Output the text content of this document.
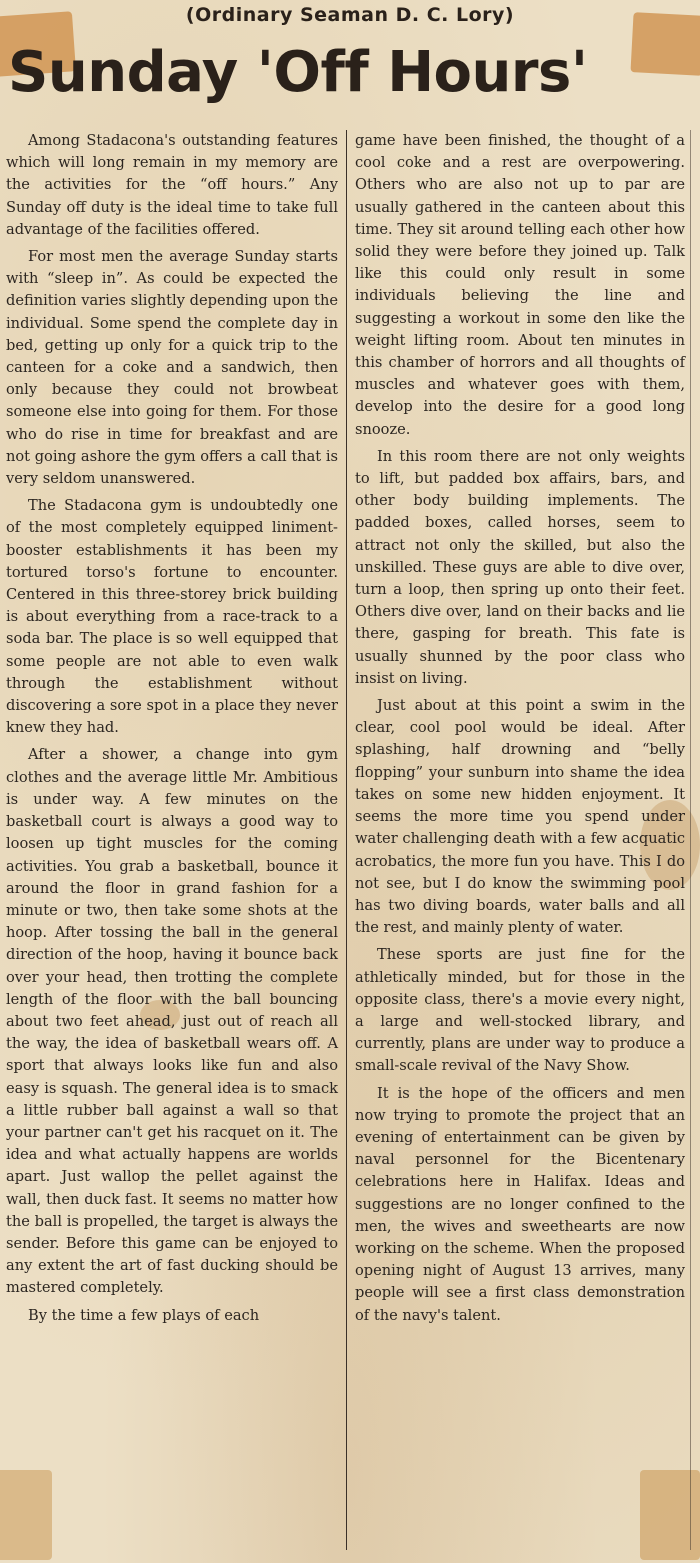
(Ordinary Seaman D. C. Lory)
Sunday 'Off Hours'

Among Stadacona's outstanding features which will long remain in my memory are the activities for the “off hours.” Any Sunday off duty is the ideal time to take full advantage of the facilities offered.

For most men the average Sunday starts with “sleep in”. As could be expected the definition varies slightly depending upon the individual. Some spend the complete day in bed, getting up only for a quick trip to the canteen for a coke and a sandwich, then only because they could not browbeat someone else into going for them. For those who do rise in time for breakfast and are not going ashore the gym offers a call that is very seldom unanswered.

The Stadacona gym is undoubtedly one of the most completely equipped liniment-booster establishments it has been my tortured torso's fortune to encounter. Centered in this three-storey brick building is about everything from a race-track to a soda bar. The place is so well equipped that some people are not able to even walk through the establishment without discovering a sore spot in a place they never knew they had.

After a shower, a change into gym clothes and the average little Mr. Ambitious is under way. A few minutes on the basketball court is always a good way to loosen up tight muscles for the coming activities. You grab a basketball, bounce it around the floor in grand fashion for a minute or two, then take some shots at the hoop. After tossing the ball in the general direction of the hoop, having it bounce back over your head, then trotting the complete length of the floor with the ball bouncing about two feet ahead, just out of reach all the way, the idea of basketball wears off. A sport that always looks like fun and also easy is squash. The general idea is to smack a little rubber ball against a wall so that your partner can't get his racquet on it. The idea and what actually happens are worlds apart. Just wallop the pellet against the wall, then duck fast. It seems no matter how the ball is propelled, the target is always the sender. Before this game can be enjoyed to any extent the art of fast ducking should be mastered completely.

By the time a few plays of each

game have been finished, the thought of a cool coke and a rest are overpowering. Others who are also not up to par are usually gathered in the canteen about this time. They sit around telling each other how solid they were before they joined up. Talk like this could only result in some individuals believing the line and suggesting a workout in some den like the weight lifting room. About ten minutes in this chamber of horrors and all thoughts of muscles and whatever goes with them, develop into the desire for a good long snooze.

In this room there are not only weights to lift, but padded box affairs, bars, and other body building implements. The padded boxes, called horses, seem to attract not only the skilled, but also the unskilled. These guys are able to dive over, turn a loop, then spring up onto their feet. Others dive over, land on their backs and lie there, gasping for breath. This fate is usually shunned by the poor class who insist on living.

Just about at this point a swim in the clear, cool pool would be ideal. After splashing, half drowning and “belly flopping” your sunburn into shame the idea takes on some new hidden enjoyment. It seems the more time you spend under water challenging death with a few acquatic acrobatics, the more fun you have. This I do not see, but I do know the swimming pool has two diving boards, water balls and all the rest, and mainly plenty of water.

These sports are just fine for the athletically minded, but for those in the opposite class, there's a movie every night, a large and well-stocked library, and currently, plans are under way to produce a small-scale revival of the Navy Show.

It is the hope of the officers and men now trying to promote the project that an evening of entertainment can be given by naval personnel for the Bicentenary celebrations here in Halifax. Ideas and suggestions are no longer confined to the men, the wives and sweethearts are now working on the scheme. When the proposed opening night of August 13 arrives, many people will see a first class demonstration of the navy's talent.
